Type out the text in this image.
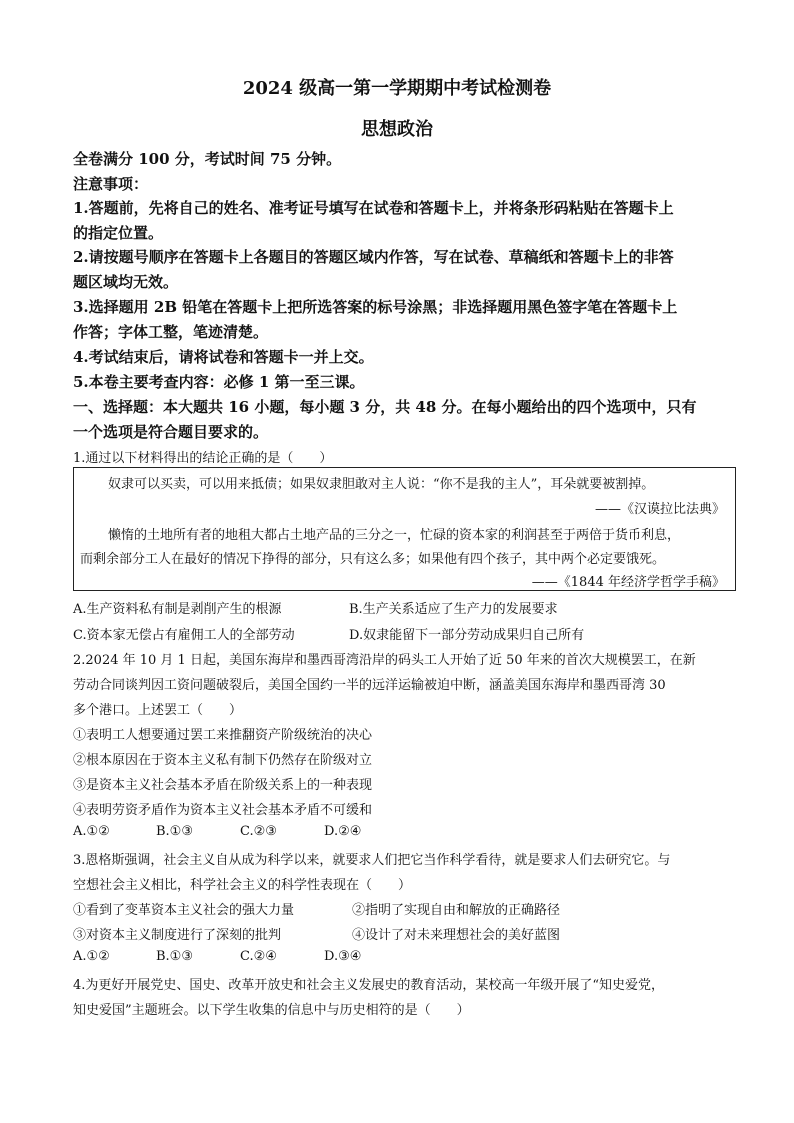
2024 级高一第一学期期中考试检测卷
思想政治
全卷满分 100 分，考试时间 75 分钟。
注意事项：
1.答题前，先将自己的姓名、准考证号填写在试卷和答题卡上，并将条形码粘贴在答题卡上
的指定位置。
2.请按题号顺序在答题卡上各题目的答题区域内作答，写在试卷、草稿纸和答题卡上的非答
题区域均无效。
3.选择题用 2B 铅笔在答题卡上把所选答案的标号涂黑；非选择题用黑色签字笔在答题卡上
作答；字体工整，笔迹清楚。
4.考试结束后，请将试卷和答题卡一并上交。
5.本卷主要考查内容：必修 1 第一至三课。
一、选择题：本大题共 16 小题，每小题 3 分，共 48 分。在每小题给出的四个选项中，只有
一个选项是符合题目要求的。
1.通过以下材料得出的结论正确的是（　　）
奴隶可以买卖，可以用来抵债；如果奴隶胆敢对主人说：“你不是我的主人”，耳朵就要被割掉。
——《汉谟拉比法典》
懒惰的土地所有者的地租大都占土地产品的三分之一，忙碌的资本家的利润甚至于两倍于货币利息，
而剩余部分工人在最好的情况下挣得的部分，只有这么多；如果他有四个孩子，其中两个必定要饿死。
——《1844 年经济学哲学手稿》
A.生产资料私有制是剥削产生的根源	B.生产关系适应了生产力的发展要求
C.资本家无偿占有雇佣工人的全部劳动	D.奴隶能留下一部分劳动成果归自己所有
2.2024 年 10 月 1 日起，美国东海岸和墨西哥湾沿岸的码头工人开始了近 50 年来的首次大规模罢工，在新
劳动合同谈判因工资问题破裂后，美国全国约一半的远洋运输被迫中断，涵盖美国东海岸和墨西哥湾 30
多个港口。上述罢工（　　）
①表明工人想要通过罢工来推翻资产阶级统治的决心
②根本原因在于资本主义私有制下仍然存在阶级对立
③是资本主义社会基本矛盾在阶级关系上的一种表现
④表明劳资矛盾作为资本主义社会基本矛盾不可缓和
A.①②	B.①③	C.②③	D.②④
3.恩格斯强调，社会主义自从成为科学以来，就要求人们把它当作科学看待，就是要求人们去研究它。与
空想社会主义相比，科学社会主义的科学性表现在（　　）
①看到了变革资本主义社会的强大力量	②指明了实现自由和解放的正确路径
③对资本主义制度进行了深刻的批判	④设计了对未来理想社会的美好蓝图
A.①②	B.①③	C.②④	D.③④
4.为更好开展党史、国史、改革开放史和社会主义发展史的教育活动，某校高一年级开展了“知史爱党，
知史爱国”主题班会。以下学生收集的信息中与历史相符的是（　　）
